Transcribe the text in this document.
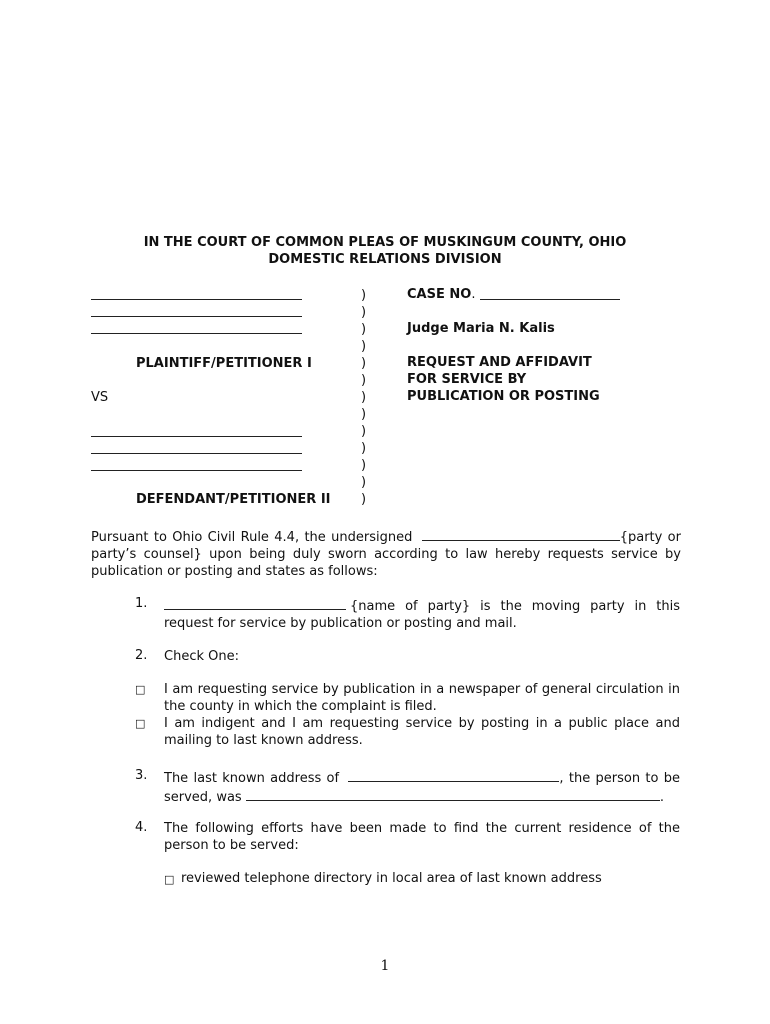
IN THE COURT OF COMMON PLEAS OF MUSKINGUM COUNTY, OHIO
DOMESTIC RELATIONS DIVISION
PLAINTIFF/PETITIONER I
VS
DEFENDANT/PETITIONER II
)
)
)
)
)
)
)
)
)
)
)
)
)
CASE NO.
Judge Maria N. Kalis
REQUEST AND AFFIDAVIT
FOR SERVICE BY
PUBLICATION OR POSTING
Pursuant to Ohio Civil Rule 4.4, the undersigned	{party or party’s counsel} upon being duly sworn according to law hereby requests service by publication or posting and states as follows:
1.	{name of party} is the moving party in this request for service by publication or posting and mail.
2. Check One:
□ I am requesting service by publication in a newspaper of general circulation in the county in which the complaint is filed.
□ I am indigent and I am requesting service by posting in a public place and mailing to last known address.
3. The last known address of	, the person to be served, was	.
4. The following efforts have been made to find the current residence of the person to be served:
□ reviewed telephone directory in local area of last known address
1
